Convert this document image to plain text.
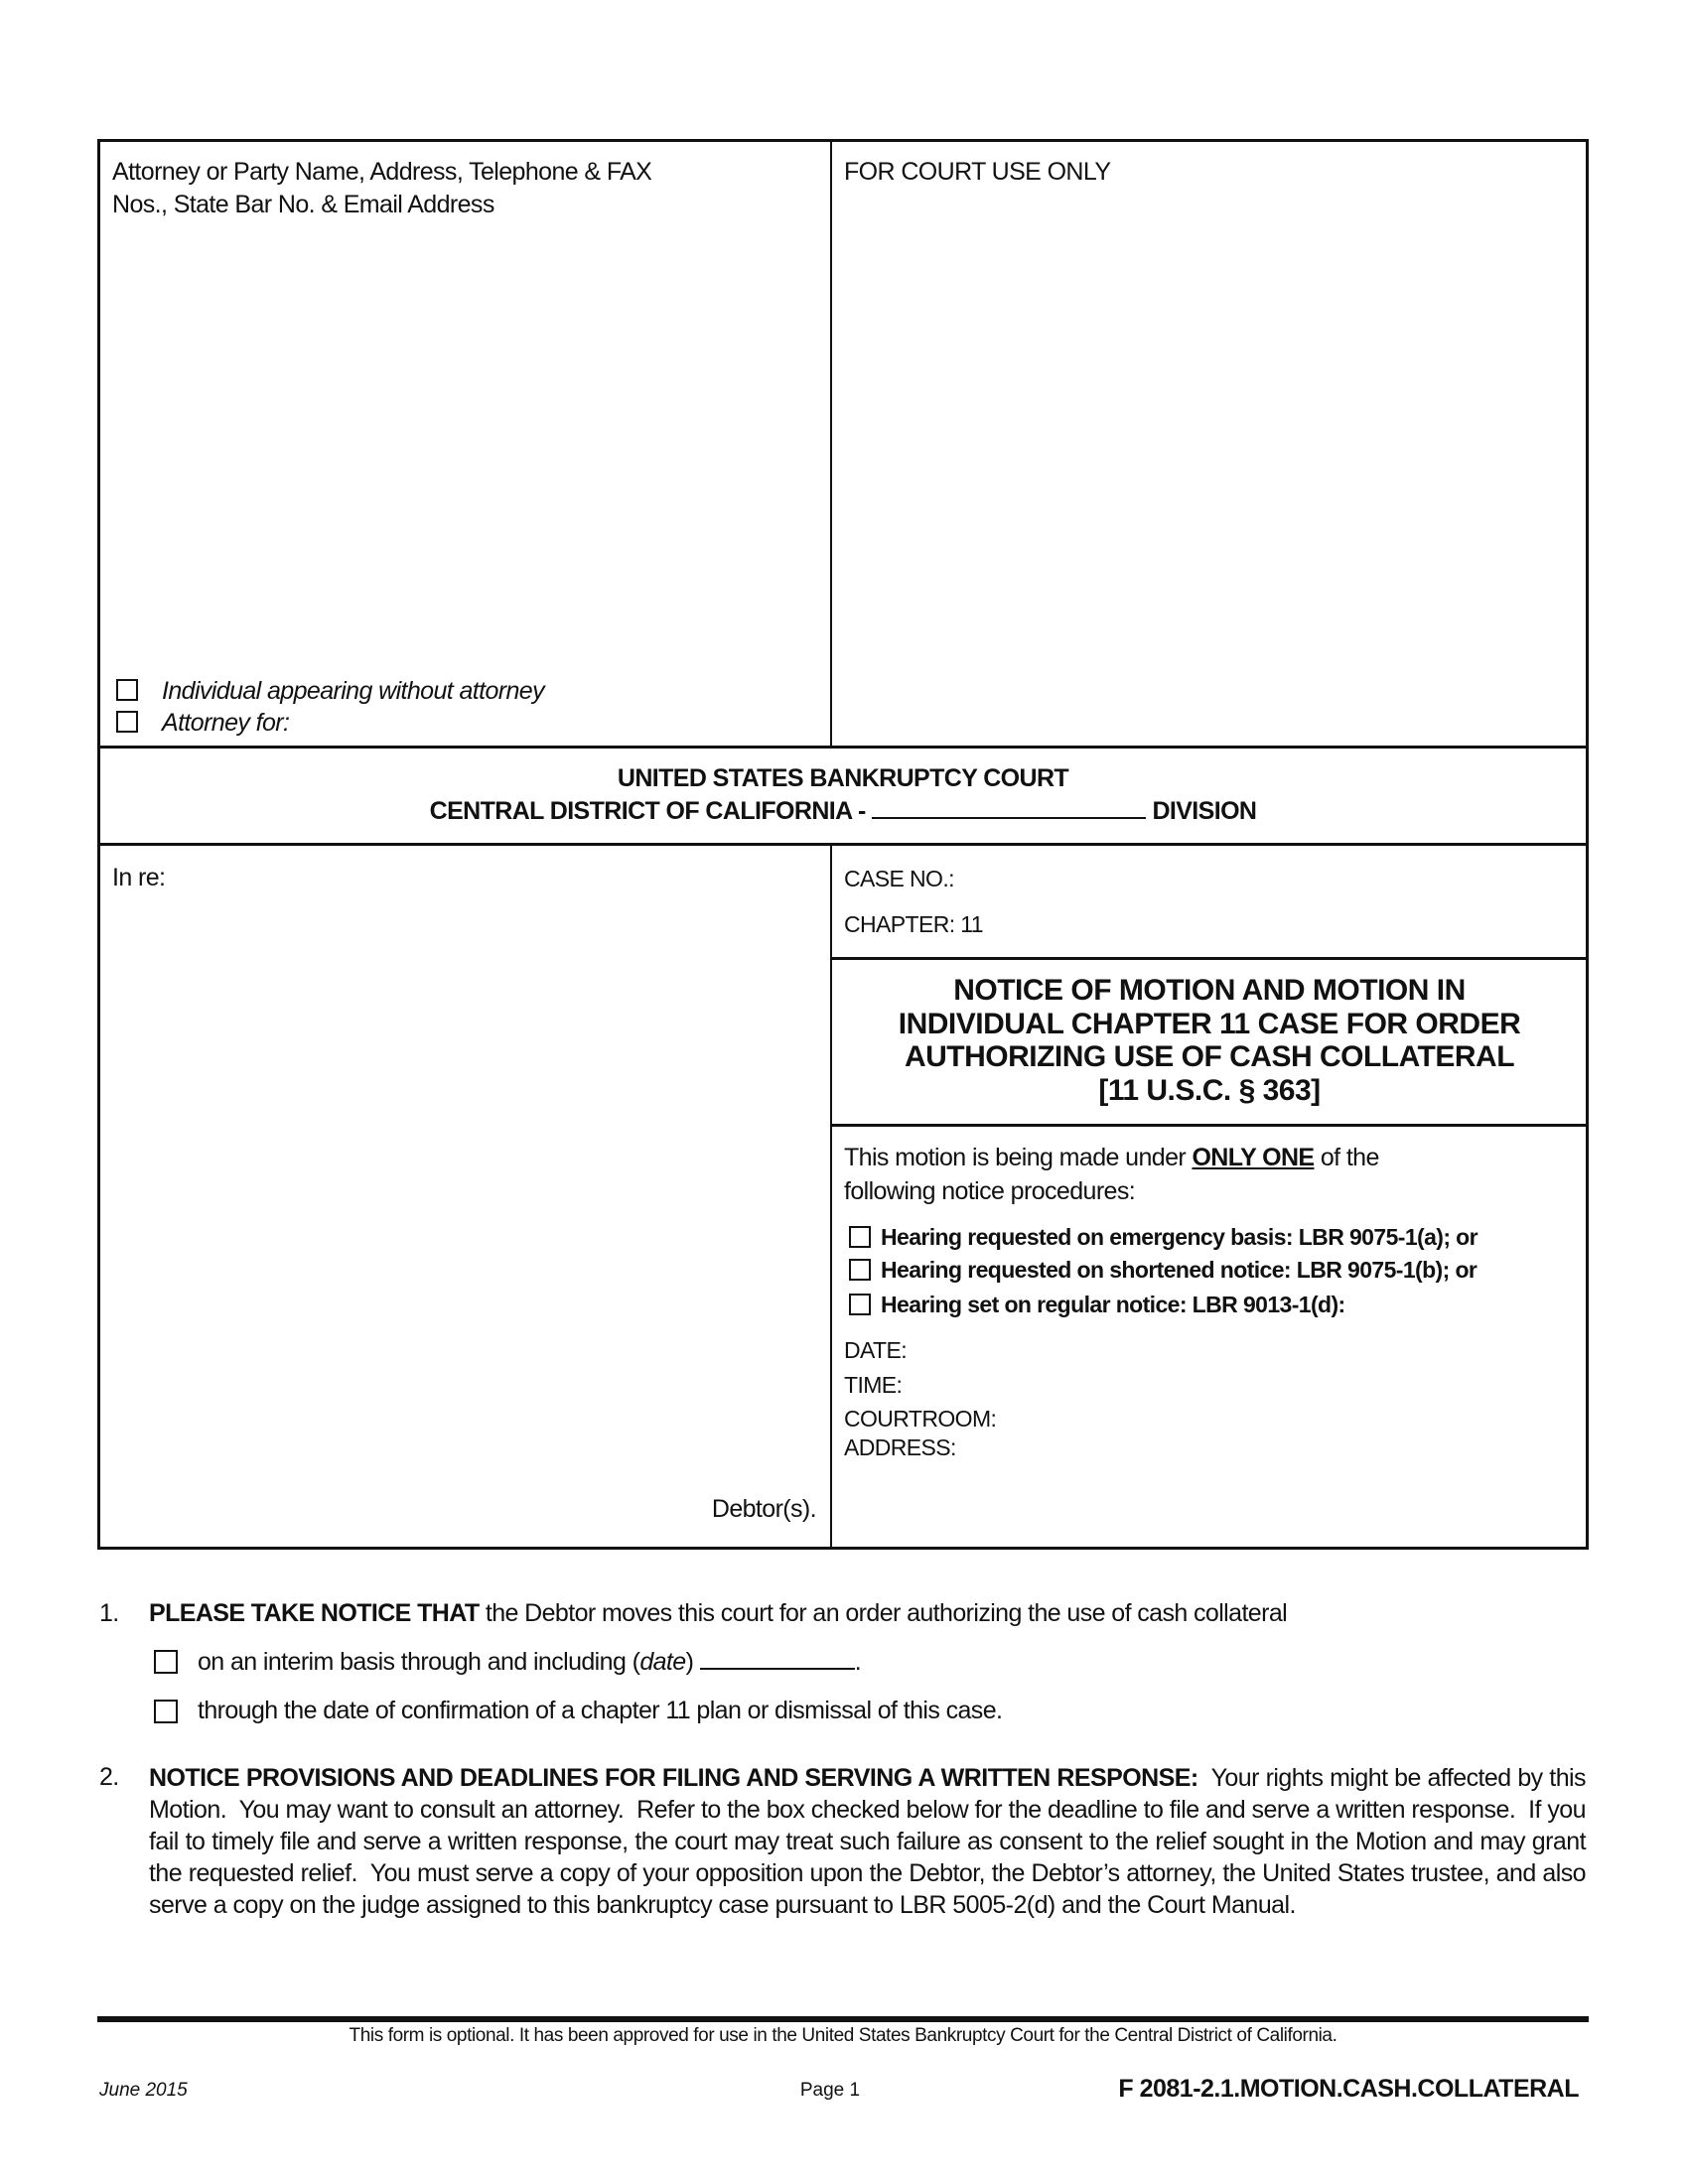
Attorney or Party Name, Address, Telephone & FAX
Nos., State Bar No. & Email Address
FOR COURT USE ONLY
Individual appearing without attorney
Attorney for:
UNITED STATES BANKRUPTCY COURT
CENTRAL DISTRICT OF CALIFORNIA -	DIVISION
In re:
Debtor(s).
CASE NO.:
CHAPTER: 11
NOTICE OF MOTION AND MOTION IN
INDIVIDUAL CHAPTER 11 CASE FOR ORDER
AUTHORIZING USE OF CASH COLLATERAL
[11 U.S.C. § 363]
This motion is being made under ONLY ONE of the
following notice procedures:
Hearing requested on emergency basis: LBR 9075-1(a); or
Hearing requested on shortened notice: LBR 9075-1(b); or
Hearing set on regular notice: LBR 9013-1(d):
DATE:
TIME:
COURTROOM:
ADDRESS:
1. PLEASE TAKE NOTICE THAT the Debtor moves this court for an order authorizing the use of cash collateral
on an interim basis through and including (date)	.
through the date of confirmation of a chapter 11 plan or dismissal of this case.
2. NOTICE PROVISIONS AND DEADLINES FOR FILING AND SERVING A WRITTEN RESPONSE:  Your rights might be affected by this Motion.  You may want to consult an attorney.  Refer to the box checked below for the deadline to file and serve a written response.  If you fail to timely file and serve a written response, the court may treat such failure as consent to the relief sought in the Motion and may grant the requested relief.  You must serve a copy of your opposition upon the Debtor, the Debtor’s attorney, the United States trustee, and also serve a copy on the judge assigned to this bankruptcy case pursuant to LBR 5005-2(d) and the Court Manual.
This form is optional. It has been approved for use in the United States Bankruptcy Court for the Central District of California.
June 2015	Page 1	F 2081-2.1.MOTION.CASH.COLLATERAL
